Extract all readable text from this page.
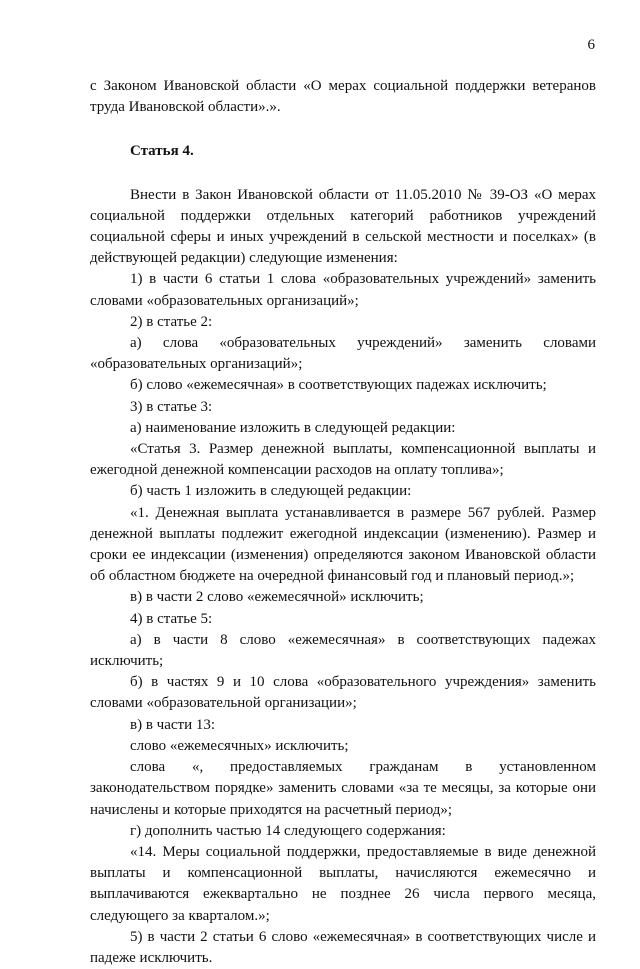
6

с Законом Ивановской области «О мерах социальной поддержки ветеранов труда Ивановской области».».

Статья 4.

Внести в Закон Ивановской области от 11.05.2010 № 39-ОЗ «О мерах социальной поддержки отдельных категорий работников учреждений социальной сферы и иных учреждений в сельской местности и поселках» (в действующей редакции) следующие изменения:

1) в части 6 статьи 1 слова «образовательных учреждений» заменить словами «образовательных организаций»;

2) в статье 2:

а) слова «образовательных учреждений» заменить словами «образовательных организаций»;

б) слово «ежемесячная» в соответствующих падежах исключить;

3) в статье 3:

а) наименование изложить в следующей редакции:

«Статья 3. Размер денежной выплаты, компенсационной выплаты и ежегодной денежной компенсации расходов на оплату топлива»;

б) часть 1 изложить в следующей редакции:

«1. Денежная выплата устанавливается в размере 567 рублей. Размер денежной выплаты подлежит ежегодной индексации (изменению). Размер и сроки ее индексации (изменения) определяются законом Ивановской области об областном бюджете на очередной финансовый год и плановый период.»;

в) в части 2 слово «ежемесячной» исключить;

4) в статье 5:

а) в части 8 слово «ежемесячная» в соответствующих падежах исключить;

б) в частях 9 и 10 слова «образовательного учреждения» заменить словами «образовательной организации»;

в) в части 13:

слово «ежемесячных» исключить;

слова «, предоставляемых гражданам в установленном законодательством порядке» заменить словами «за те месяцы, за которые они начислены и которые приходятся на расчетный период»;

г) дополнить частью 14 следующего содержания:

«14. Меры социальной поддержки, предоставляемые в виде денежной выплаты и компенсационной выплаты, начисляются ежемесячно и выплачиваются ежеквартально не позднее 26 числа первого месяца, следующего за кварталом.»;

5) в части 2 статьи 6 слово «ежемесячная» в соответствующих числе и падеже исключить.
